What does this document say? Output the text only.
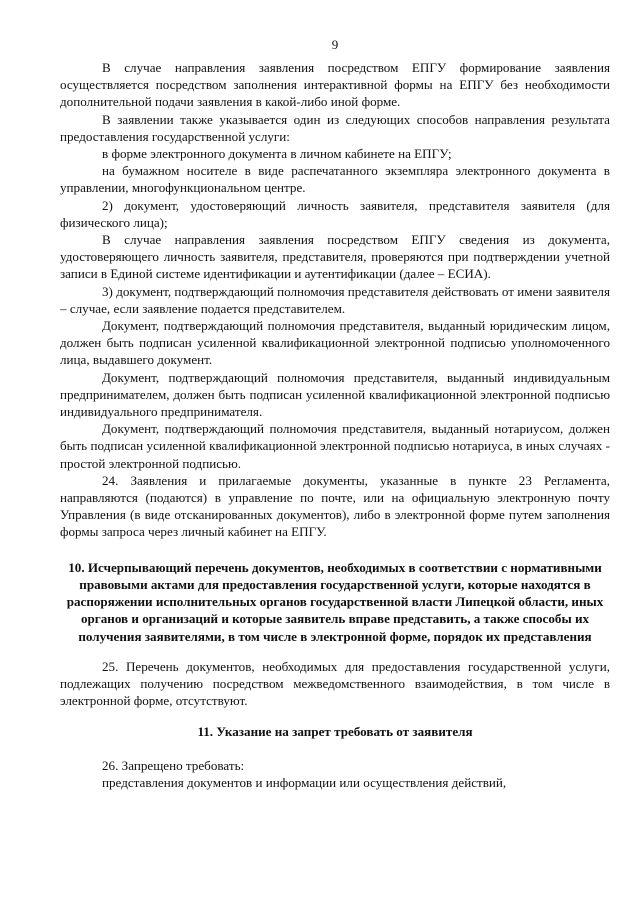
9

В случае направления заявления посредством ЕПГУ формирование заявления осуществляется посредством заполнения интерактивной формы на ЕПГУ без необходимости дополнительной подачи заявления в какой-либо иной форме.

В заявлении также указывается один из следующих способов направления результата предоставления государственной услуги:

в форме электронного документа в личном кабинете на ЕПГУ;

на бумажном носителе в виде распечатанного экземпляра электронного документа в управлении, многофункциональном центре.

2) документ, удостоверяющий личность заявителя, представителя заявителя (для физического лица);

В случае направления заявления посредством ЕПГУ сведения из документа, удостоверяющего личность заявителя, представителя, проверяются при подтверждении учетной записи в Единой системе идентификации и аутентификации (далее – ЕСИА).

3) документ, подтверждающий полномочия представителя действовать от имени заявителя – случае, если заявление подается представителем.

Документ, подтверждающий полномочия представителя, выданный юридическим лицом, должен быть подписан усиленной квалификационной электронной подписью уполномоченного лица, выдавшего документ.

Документ, подтверждающий полномочия представителя, выданный индивидуальным предпринимателем, должен быть подписан усиленной квалификационной электронной подписью индивидуального предпринимателя.

Документ, подтверждающий полномочия представителя, выданный нотариусом, должен быть подписан усиленной квалификационной электронной подписью нотариуса, в иных случаях - простой электронной подписью.

24. Заявления и прилагаемые документы, указанные в пункте 23 Регламента, направляются (подаются) в управление по почте, или на официальную электронную почту Управления (в виде отсканированных документов), либо в электронной форме путем заполнения формы запроса через личный кабинет на ЕПГУ.

10. Исчерпывающий перечень документов, необходимых в соответствии с нормативными правовыми актами для предоставления государственной услуги, которые находятся в распоряжении исполнительных органов государственной власти Липецкой области, иных органов и организаций и которые заявитель вправе представить, а также способы их получения заявителями, в том числе в электронной форме, порядок их представления

25. Перечень документов, необходимых для предоставления государственной услуги, подлежащих получению посредством межведомственного взаимодействия, в том числе в электронной форме, отсутствуют.

11. Указание на запрет требовать от заявителя

26. Запрещено требовать:

представления документов и информации или осуществления действий,
